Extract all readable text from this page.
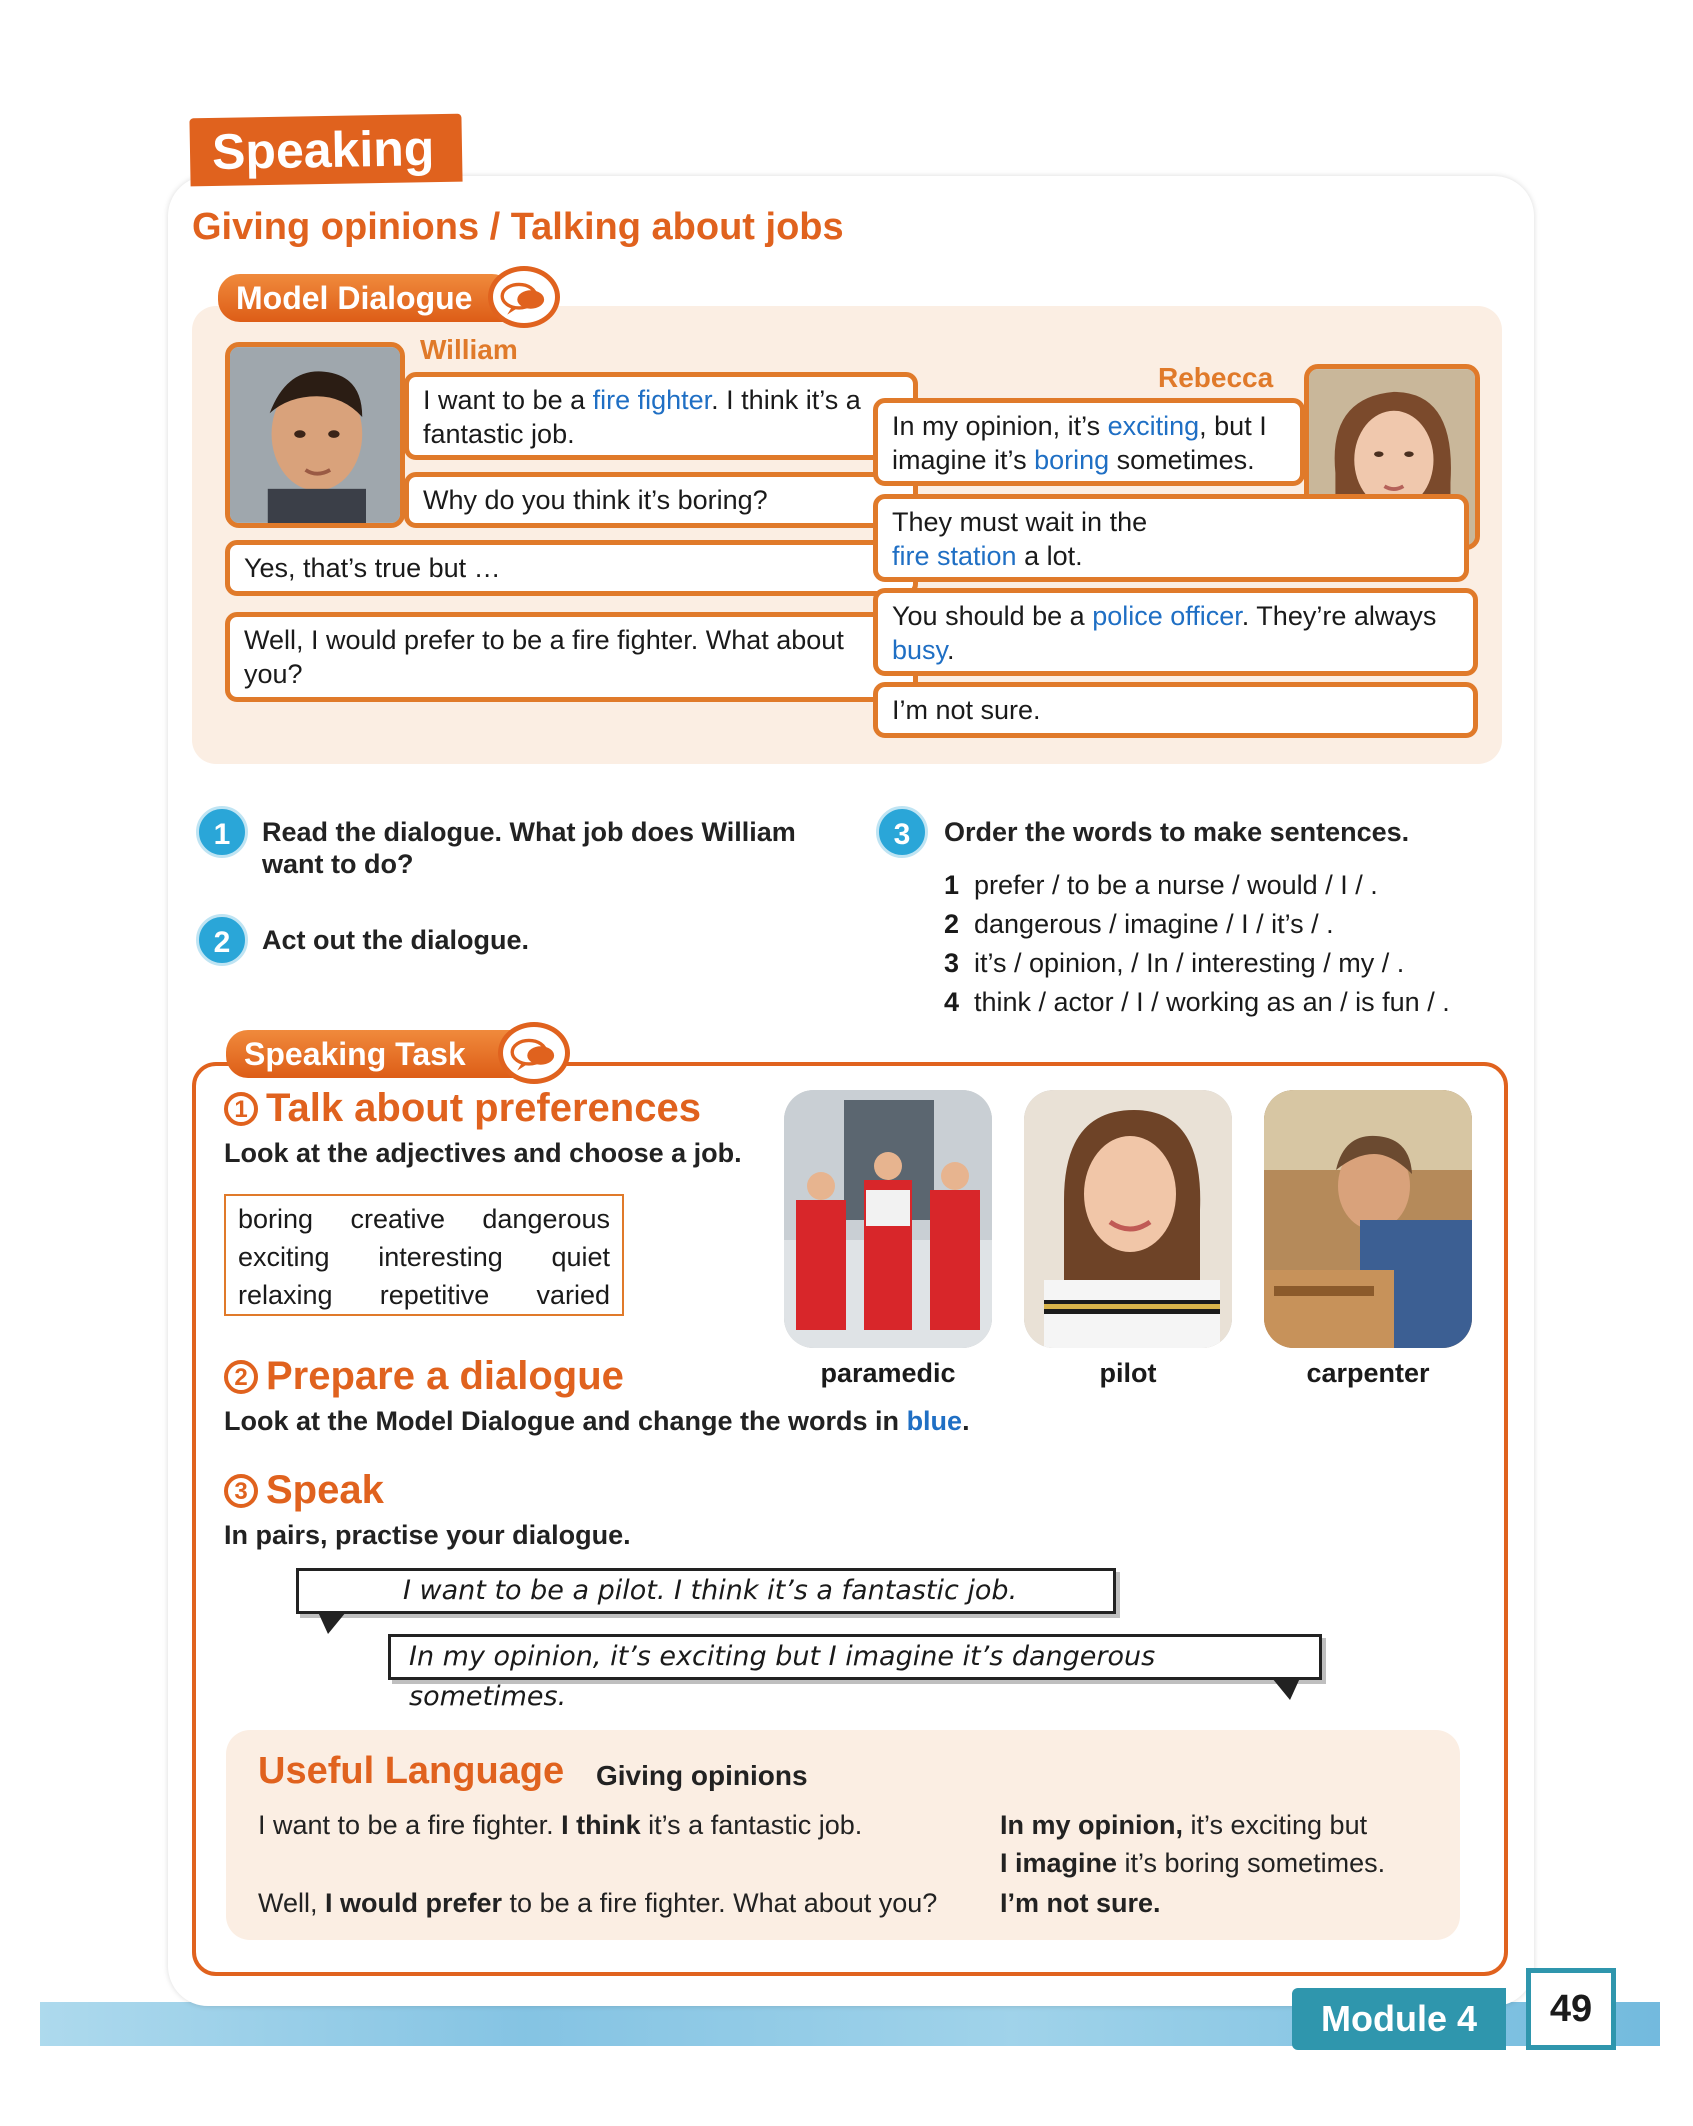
Speaking
Giving opinions / Talking about jobs
Model Dialogue
William
Rebecca
I want to be a fire fighter. I think it’s a fantastic job.
Why do you think it’s boring?
Yes, that’s true but …
Well, I would prefer to be a fire fighter. What about you?
In my opinion, it’s exciting, but I imagine it’s boring sometimes.
They must wait in the
fire station a lot.
You should be a police officer. They’re always busy.
I’m not sure.
1	Read the dialogue. What job does William want to do?
2	Act out the dialogue.
3	Order the words to make sentences.
1 prefer / to be a nurse / would / I / .
2 dangerous / imagine / I / it’s / .
3 it’s / opinion, / In / interesting / my / .
4 think / actor / I / working as an / is fun / .
Speaking Task
1 Talk about preferences
Look at the adjectives and choose a job.
boring creative dangerous
exciting interesting quiet
relaxing repetitive varied
paramedic	pilot	carpenter
2 Prepare a dialogue
Look at the Model Dialogue and change the words in blue.
3 Speak
In pairs, practise your dialogue.
I want to be a pilot. I think it’s a fantastic job.
In my opinion, it’s exciting but I imagine it’s dangerous sometimes.
Useful Language Giving opinions
I want to be a fire fighter. I think it’s a fantastic job.
Well, I would prefer to be a fire fighter. What about you?
In my opinion, it’s exciting but
I imagine it’s boring sometimes.
I’m not sure.
Module 4	49
